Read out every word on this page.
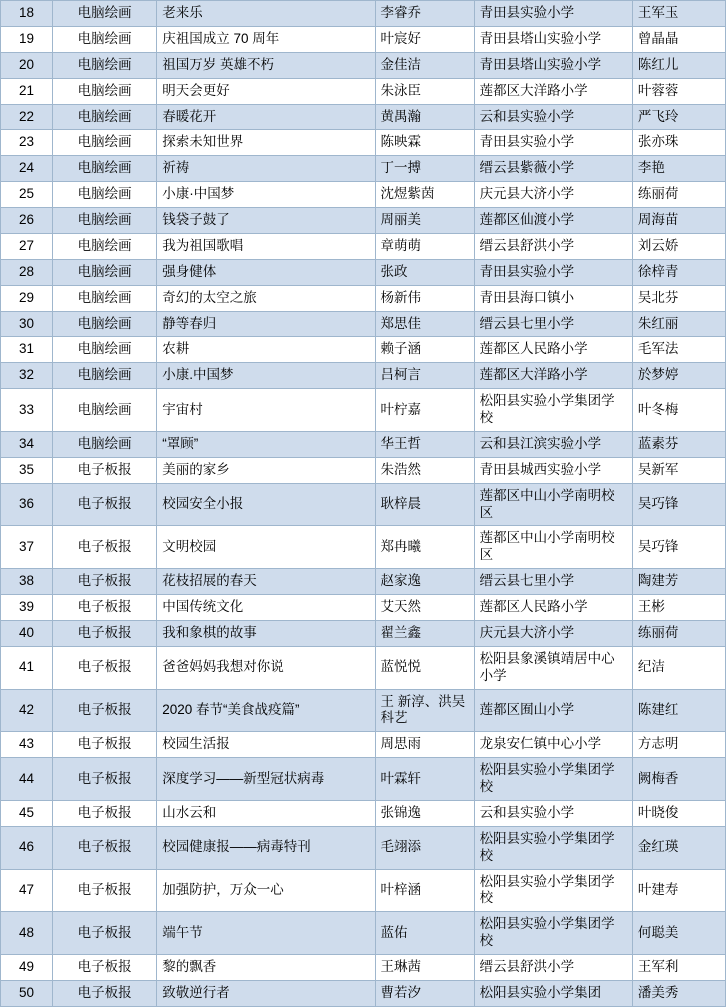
18	电脑绘画	老来乐	李睿乔	青田县实验小学	王军玉
19	电脑绘画	庆祖国成立 70 周年	叶宸好	青田县塔山实验小学	曾晶晶
20	电脑绘画	祖国万岁 英雄不朽	金佳洁	青田县塔山实验小学	陈红儿
21	电脑绘画	明天会更好	朱泳臣	莲都区大洋路小学	叶蓉蓉
22	电脑绘画	春暖花开	黄禺瀚	云和县实验小学	严飞玲
23	电脑绘画	探索未知世界	陈映霖	青田县实验小学	张亦珠
24	电脑绘画	祈祷	丁一搏	缙云县紫薇小学	李艳
25	电脑绘画	小康·中国梦	沈煜紫茵	庆元县大济小学	练丽荷
26	电脑绘画	钱袋子鼓了	周丽美	莲都区仙渡小学	周海苗
27	电脑绘画	我为祖国歌唱	章萌萌	缙云县舒洪小学	刘云娇
28	电脑绘画	强身健体	张政	青田县实验小学	徐梓青
29	电脑绘画	奇幻的太空之旅	杨新伟	青田县海口镇小	吴北芬
30	电脑绘画	静等春归	郑思佳	缙云县七里小学	朱红丽
31	电脑绘画	农耕	赖子涵	莲都区人民路小学	毛军法
32	电脑绘画	小康.中国梦	吕柯言	莲都区大洋路小学	於梦婷
33	电脑绘画	宇宙村	叶柠嘉	松阳县实验小学集团学校	叶冬梅
34	电脑绘画	“罩顾”	华王哲	云和县江滨实验小学	蓝素芬
35	电子板报	美丽的家乡	朱浩然	青田县城西实验小学	吴新军
36	电子板报	校园安全小报	耿梓晨	莲都区中山小学南明校区	吴巧锋
37	电子板报	文明校园	郑冉曦	莲都区中山小学南明校区	吴巧锋
38	电子板报	花枝招展的春天	赵家逸	缙云县七里小学	陶建芳
39	电子板报	中国传统文化	艾天然	莲都区人民路小学	王彬
40	电子板报	我和象棋的故事	翟兰鑫	庆元县大济小学	练丽荷
41	电子板报	爸爸妈妈我想对你说	蓝悦悦	松阳县象溪镇靖居中心小学	纪洁
42	电子板报	2020 春节“美食战疫篇”	王 新淳、洪吴科艺	莲都区囿山小学	陈建红
43	电子板报	校园生活报	周思雨	龙泉安仁镇中心小学	方志明
44	电子板报	深度学习——新型冠状病毒	叶霖轩	松阳县实验小学集团学校	阙梅香
45	电子板报	山水云和	张锦逸	云和县实验小学	叶晓俊
46	电子板报	校园健康报——病毒特刊	毛翊添	松阳县实验小学集团学校	金红瑛
47	电子板报	加强防护，万众一心	叶梓涵	松阳县实验小学集团学校	叶建寿
48	电子板报	端午节	蓝佑	松阳县实验小学集团学校	何聪美
49	电子板报	黎的飘香	王琳茜	缙云县舒洪小学	王军利
50	电子板报	致敬逆行者	曹若汐	松阳县实验小学集团	潘美秀
